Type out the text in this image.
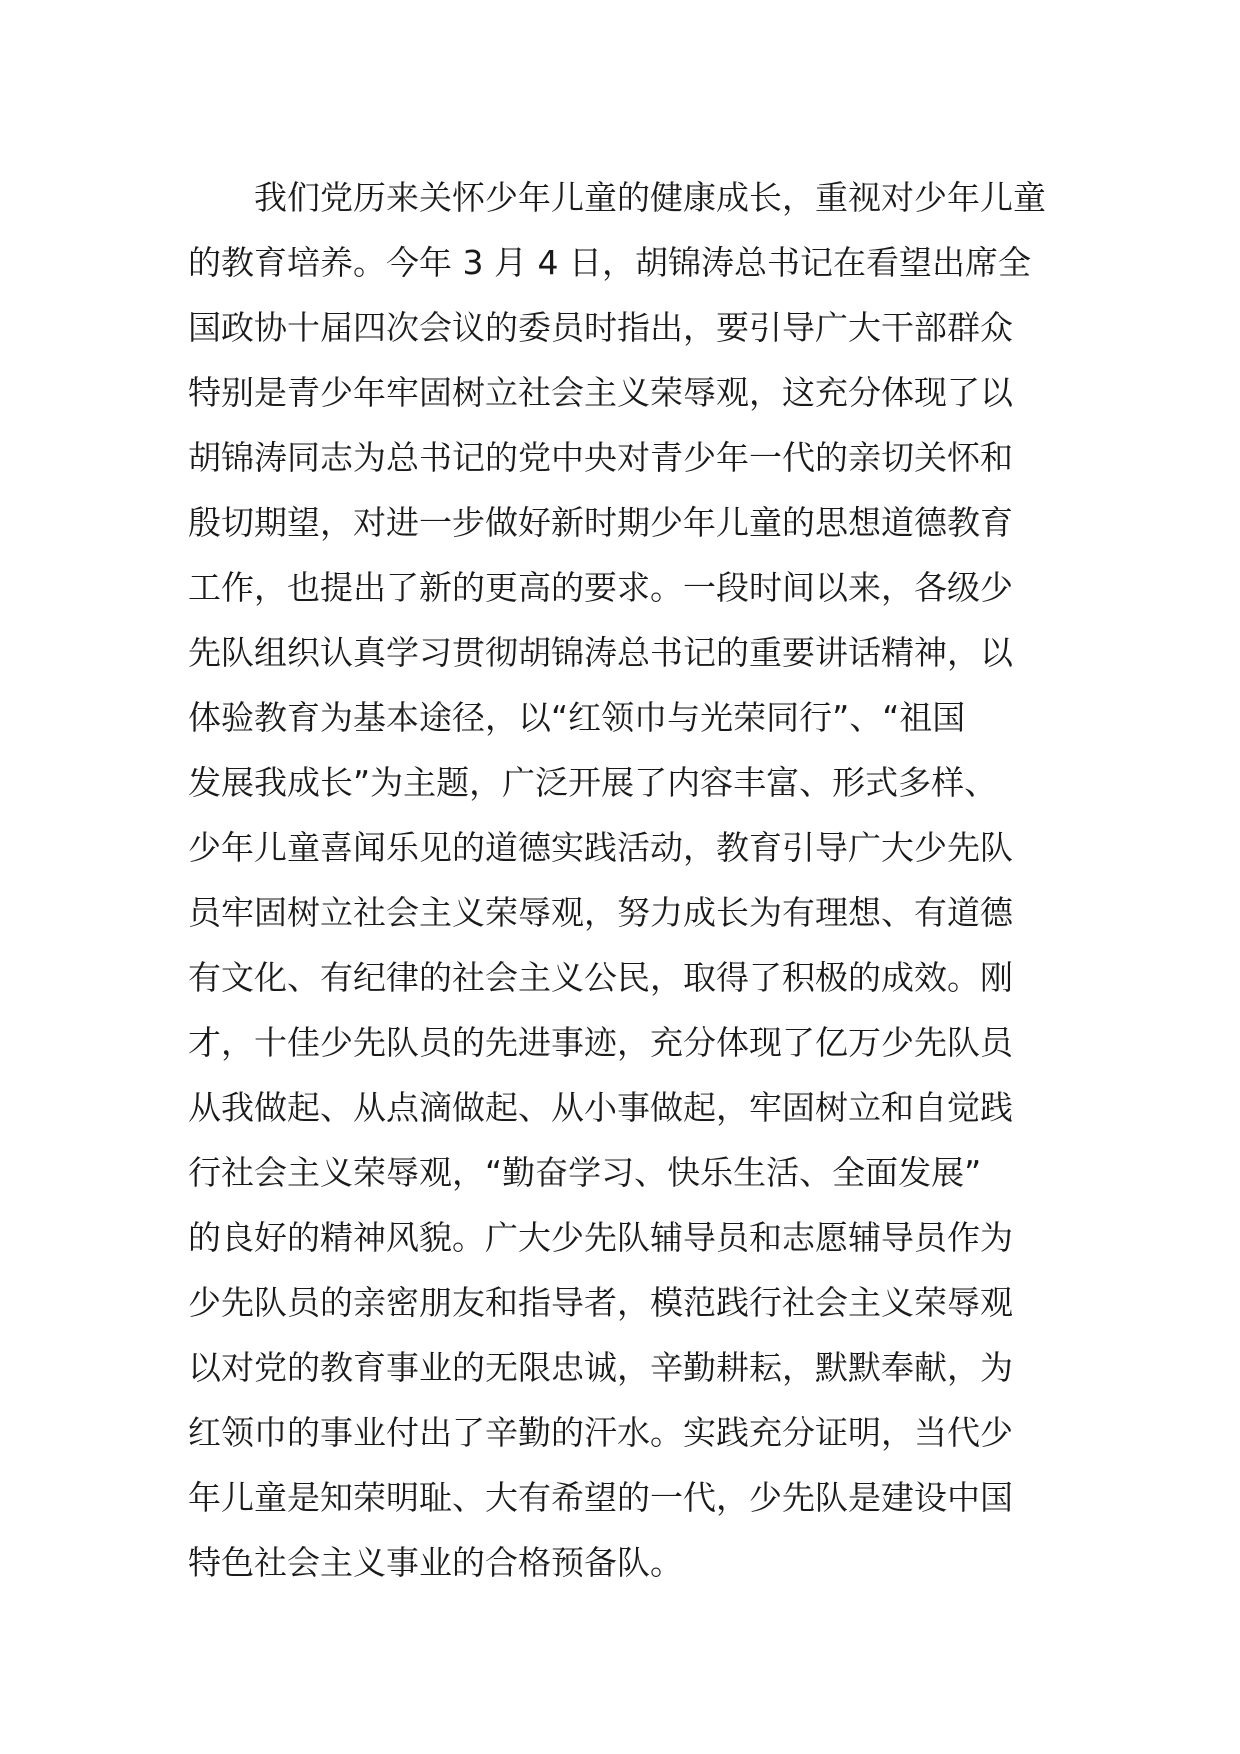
　　我们党历来关怀少年儿童的健康成长，重视对少年儿童
的教育培养。今年 3 月 4 日，胡锦涛总书记在看望出席全
国政协十届四次会议的委员时指出，要引导广大干部群众
特别是青少年牢固树立社会主义荣辱观，这充分体现了以
胡锦涛同志为总书记的党中央对青少年一代的亲切关怀和
殷切期望，对进一步做好新时期少年儿童的思想道德教育
工作，也提出了新的更高的要求。一段时间以来，各级少
先队组织认真学习贯彻胡锦涛总书记的重要讲话精神，以
体验教育为基本途径，以“红领巾与光荣同行”、“祖国
发展我成长”为主题，广泛开展了内容丰富、形式多样、
少年儿童喜闻乐见的道德实践活动，教育引导广大少先队
员牢固树立社会主义荣辱观，努力成长为有理想、有道德
有文化、有纪律的社会主义公民，取得了积极的成效。刚
才，十佳少先队员的先进事迹，充分体现了亿万少先队员
从我做起、从点滴做起、从小事做起，牢固树立和自觉践
行社会主义荣辱观，“勤奋学习、快乐生活、全面发展”
的良好的精神风貌。广大少先队辅导员和志愿辅导员作为
少先队员的亲密朋友和指导者，模范践行社会主义荣辱观
以对党的教育事业的无限忠诚，辛勤耕耘，默默奉献，为
红领巾的事业付出了辛勤的汗水。实践充分证明，当代少
年儿童是知荣明耻、大有希望的一代，少先队是建设中国
特色社会主义事业的合格预备队。
